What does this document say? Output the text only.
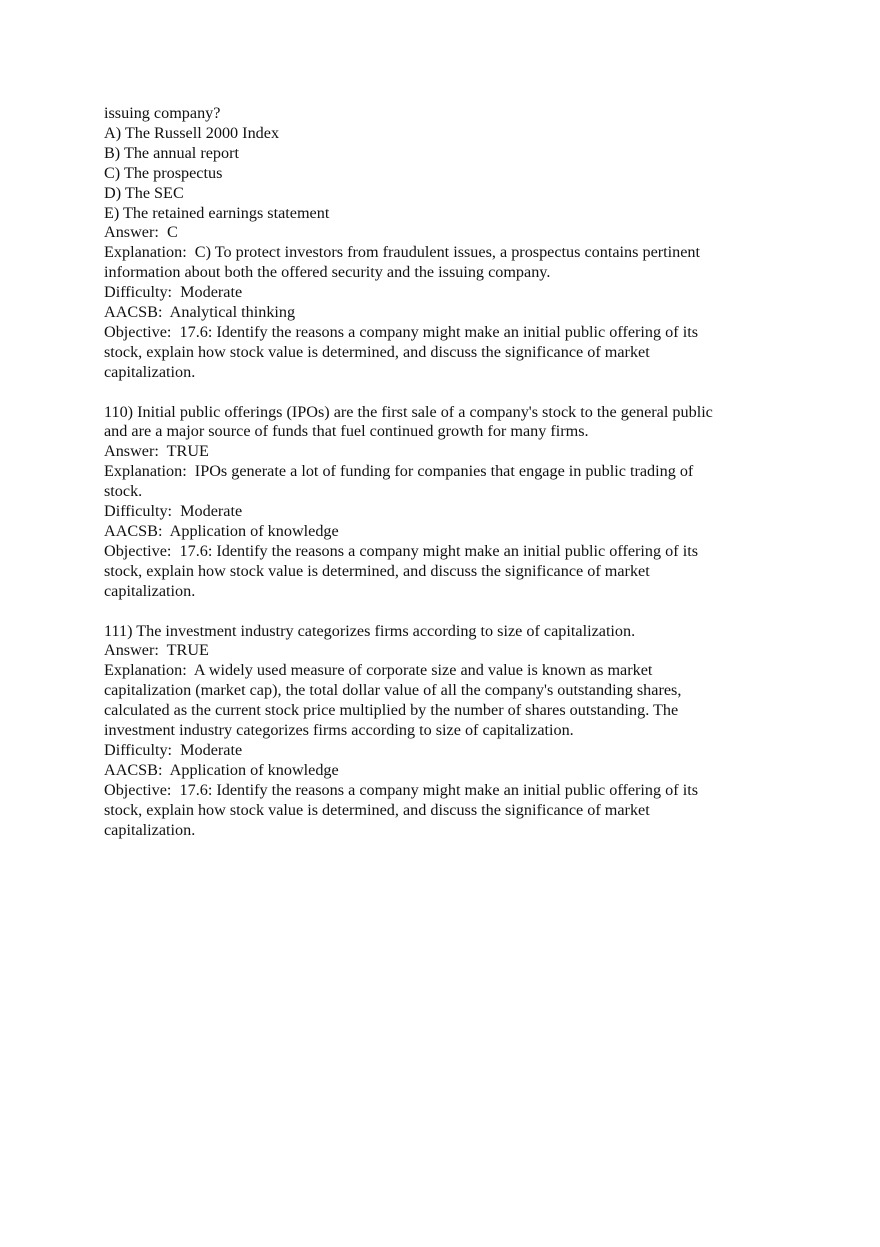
issuing company?
A) The Russell 2000 Index
B) The annual report
C) The prospectus
D) The SEC
E) The retained earnings statement
Answer:  C
Explanation:  C) To protect investors from fraudulent issues, a prospectus contains pertinent
information about both the offered security and the issuing company.
Difficulty:  Moderate
AACSB:  Analytical thinking
Objective:  17.6: Identify the reasons a company might make an initial public offering of its
stock, explain how stock value is determined, and discuss the significance of market
capitalization.
110) Initial public offerings (IPOs) are the first sale of a company's stock to the general public
and are a major source of funds that fuel continued growth for many firms.
Answer:  TRUE
Explanation:  IPOs generate a lot of funding for companies that engage in public trading of
stock.
Difficulty:  Moderate
AACSB:  Application of knowledge
Objective:  17.6: Identify the reasons a company might make an initial public offering of its
stock, explain how stock value is determined, and discuss the significance of market
capitalization.
111) The investment industry categorizes firms according to size of capitalization.
Answer:  TRUE
Explanation:  A widely used measure of corporate size and value is known as market
capitalization (market cap), the total dollar value of all the company's outstanding shares,
calculated as the current stock price multiplied by the number of shares outstanding. The
investment industry categorizes firms according to size of capitalization.
Difficulty:  Moderate
AACSB:  Application of knowledge
Objective:  17.6: Identify the reasons a company might make an initial public offering of its
stock, explain how stock value is determined, and discuss the significance of market
capitalization.
